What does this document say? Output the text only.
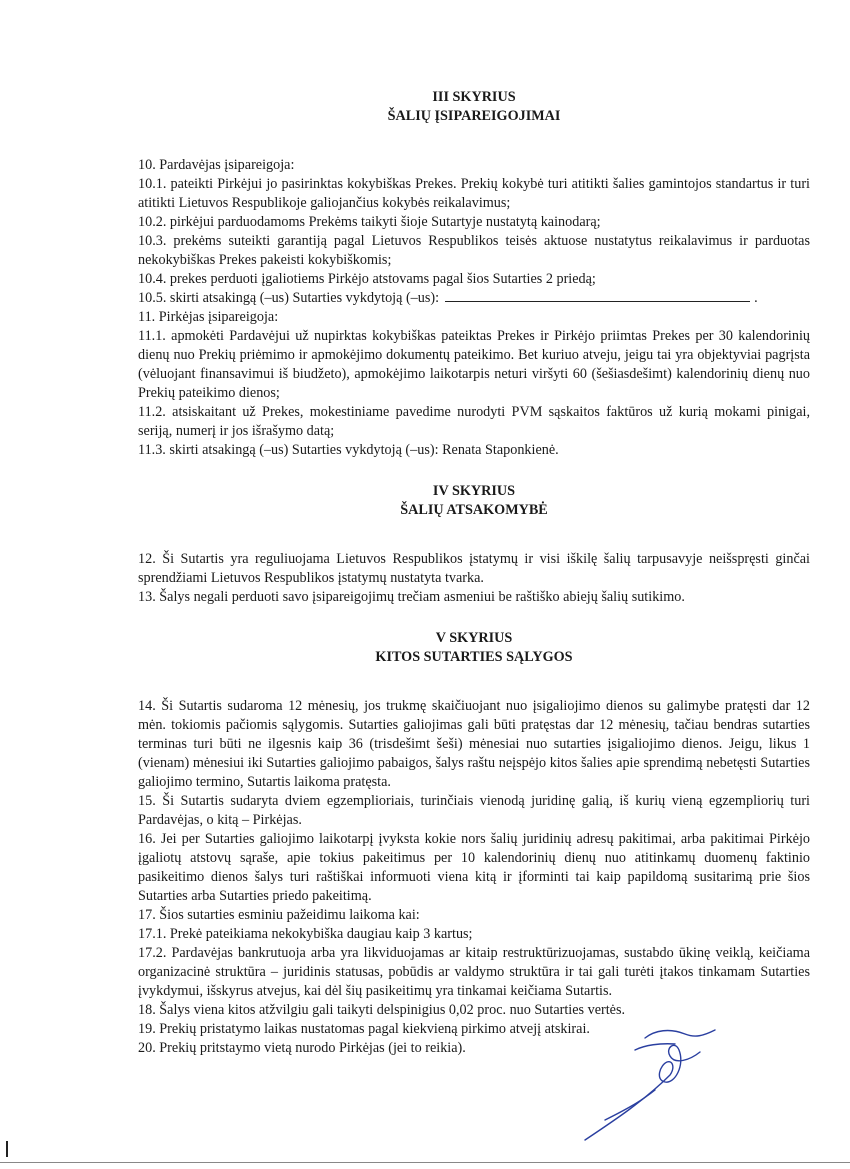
III SKYRIUS
ŠALIŲ ĮSIPAREIGOJIMAI

10. Pardavėjas įsipareigoja:

10.1. pateikti Pirkėjui jo pasirinktas kokybiškas Prekes. Prekių kokybė turi atitikti šalies gamintojos standartus ir turi atitikti Lietuvos Respublikoje galiojančius kokybės reikalavimus;

10.2. pirkėjui parduodamoms Prekėms taikyti šioje Sutartyje nustatytą kainodarą;

10.3. prekėms suteikti garantiją pagal Lietuvos Respublikos teisės aktuose nustatytus reikalavimus ir parduotas nekokybiškas Prekes pakeisti kokybiškomis;

10.4. prekes perduoti įgaliotiems Pirkėjo atstovams pagal šios Sutarties 2 priedą;

10.5. skirti atsakingą (–us) Sutarties vykdytoją (–us):	.

11. Pirkėjas įsipareigoja:

11.1. apmokėti Pardavėjui už nupirktas kokybiškas pateiktas Prekes ir Pirkėjo priimtas Prekes per 30 kalendorinių dienų nuo Prekių priėmimo ir apmokėjimo dokumentų pateikimo. Bet kuriuo atveju, jeigu tai yra objektyviai pagrįsta (vėluojant finansavimui iš biudžeto), apmokėjimo laikotarpis neturi viršyti 60 (šešiasdešimt) kalendorinių dienų nuo Prekių pateikimo dienos;

11.2. atsiskaitant už Prekes, mokestiniame pavedime nurodyti PVM sąskaitos faktūros už kurią mokami pinigai, seriją, numerį ir jos išrašymo datą;

11.3. skirti atsakingą (–us) Sutarties vykdytoją (–us): Renata Staponkienė.

IV SKYRIUS
ŠALIŲ ATSAKOMYBĖ

12. Ši Sutartis yra reguliuojama Lietuvos Respublikos įstatymų ir visi iškilę šalių tarpusavyje neišspręsti ginčai sprendžiami Lietuvos Respublikos įstatymų nustatyta tvarka.

13. Šalys negali perduoti savo įsipareigojimų trečiam asmeniui be raštiško abiejų šalių sutikimo.

V SKYRIUS
KITOS SUTARTIES SĄLYGOS

14. Ši Sutartis sudaroma 12 mėnesių, jos trukmę skaičiuojant nuo įsigaliojimo dienos su galimybe pratęsti dar 12 mėn. tokiomis pačiomis sąlygomis. Sutarties galiojimas gali būti pratęstas dar 12 mėnesių, tačiau bendras sutarties terminas turi būti ne ilgesnis kaip 36 (trisdešimt šeši) mėnesiai nuo sutarties įsigaliojimo dienos. Jeigu, likus 1 (vienam) mėnesiui iki Sutarties galiojimo pabaigos, šalys raštu neįspėjo kitos šalies apie sprendimą nebetęsti Sutarties galiojimo termino, Sutartis laikoma pratęsta.

15. Ši Sutartis sudaryta dviem egzemplioriais, turinčiais vienodą juridinę galią, iš kurių vieną egzempliorių turi Pardavėjas, o kitą – Pirkėjas.

16. Jei per Sutarties galiojimo laikotarpį įvyksta kokie nors šalių juridinių adresų pakitimai, arba pakitimai Pirkėjo įgaliotų atstovų sąraše, apie tokius pakeitimus per 10 kalendorinių dienų nuo atitinkamų duomenų faktinio pasikeitimo dienos šalys turi raštiškai informuoti viena kitą ir įforminti tai kaip papildomą susitarimą prie šios Sutarties arba Sutarties priedo pakeitimą.

17. Šios sutarties esminiu pažeidimu laikoma kai:

17.1. Prekė pateikiama nekokybiška daugiau kaip 3 kartus;

17.2. Pardavėjas bankrutuoja arba yra likviduojamas ar kitaip restruktūrizuojamas, sustabdo ūkinę veiklą, keičiama organizacinė struktūra – juridinis statusas, pobūdis ar valdymo struktūra ir tai gali turėti įtakos tinkamam Sutarties įvykdymui, išskyrus atvejus, kai dėl šių pasikeitimų yra tinkamai keičiama Sutartis.

18. Šalys viena kitos atžvilgiu gali taikyti delspinigius 0,02 proc. nuo Sutarties vertės.

19. Prekių pristatymo laikas nustatomas pagal kiekvieną pirkimo atvejį atskirai.

20. Prekių pritstaymo vietą nurodo Pirkėjas (jei to reikia).
